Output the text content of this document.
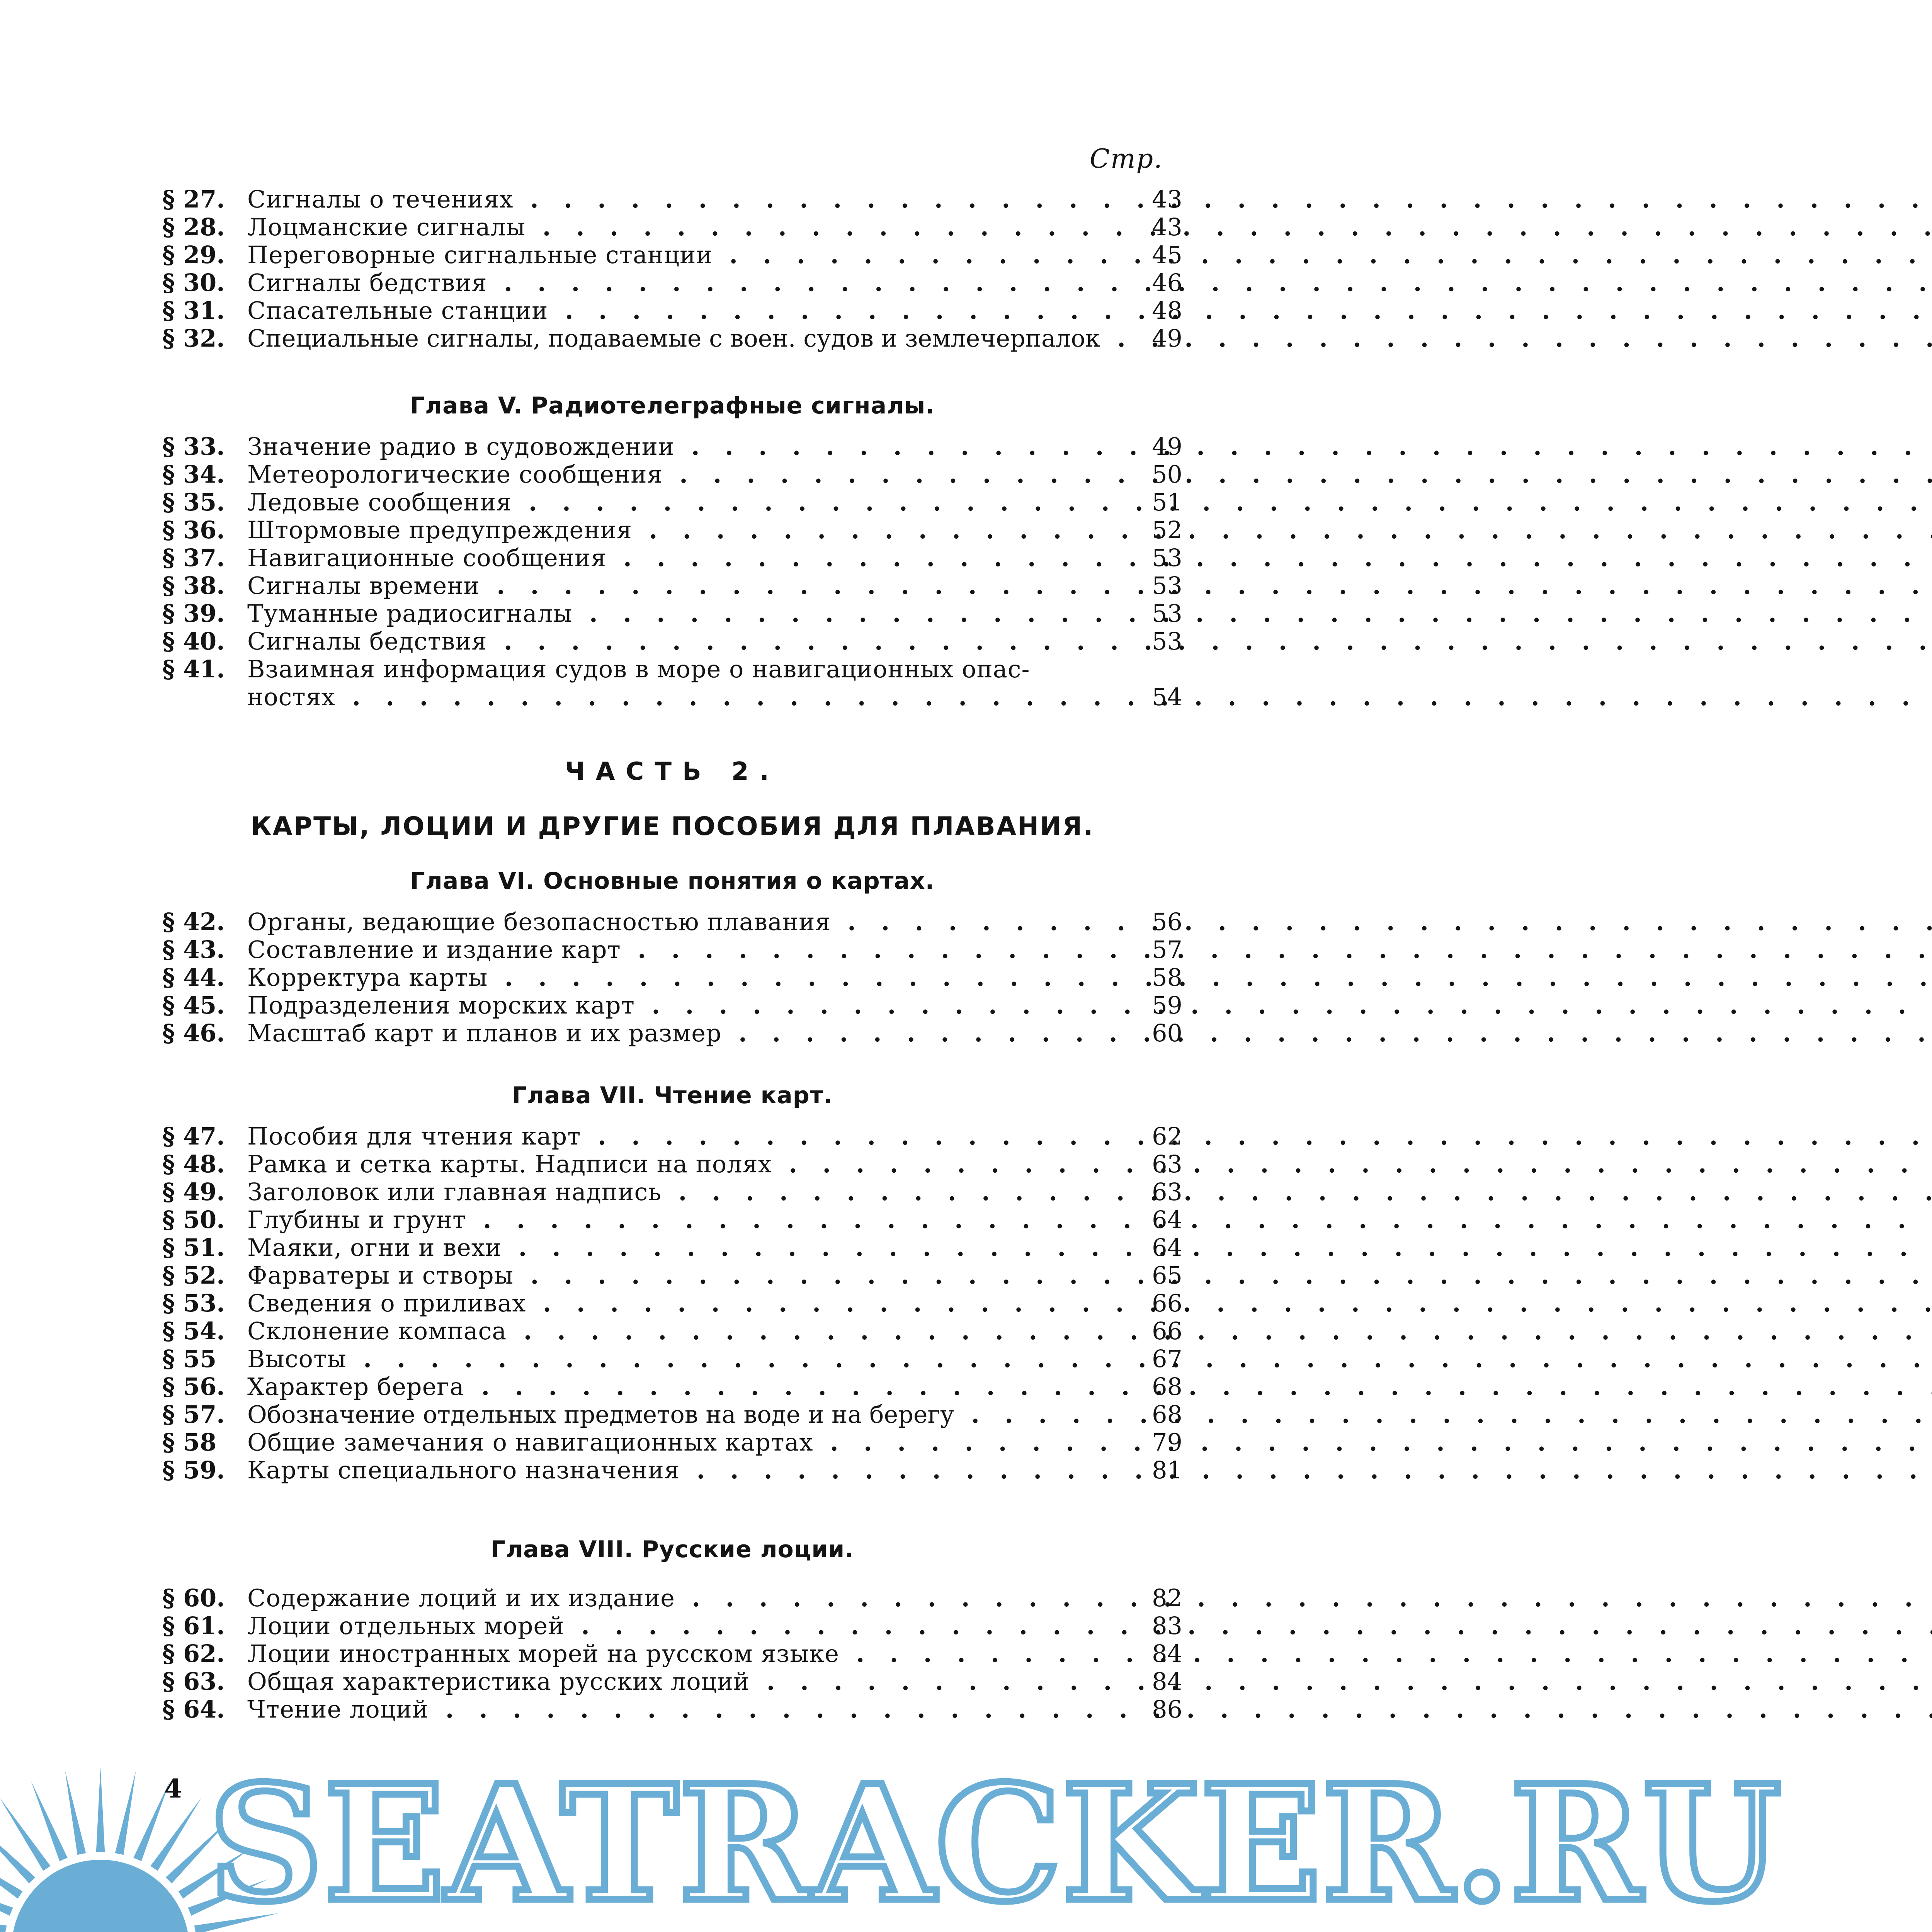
Стр.
§ 27. Сигналы о течениях . . .	43
§ 28. Лоцманские сигналы . . .	43
§ 29. Переговорные сигнальные станции . . .	45
§ 30. Сигналы бедствия . . .	46
§ 31. Спасательные станции . . .	48
§ 32. Специальные сигналы, подаваемые с воен. судов и землечерпалок . . .	49
Глава V. Радиотелеграфные сигналы.
§ 33. Значение радио в судовождении . . .	49
§ 34. Метеорологические сообщения . . .	50
§ 35. Ледовые сообщения . . .	51
§ 36. Штормовые предупреждения . . .	52
§ 37. Навигационные сообщения . . .	53
§ 38. Сигналы времени . . .	53
§ 39. Туманные радиосигналы . . .	53
§ 40. Сигналы бедствия . . .	53
§ 41. Взаимная информация судов в море о навигационных опас-
ностях . . .	54
ЧАСТЬ 2.
КАРТЫ, ЛОЦИИ И ДРУГИЕ ПОСОБИЯ ДЛЯ ПЛАВАНИЯ.
Глава VI. Основные понятия о картах.
§ 42. Органы, ведающие безопасностью плавания . . .	56
§ 43. Составление и издание карт . . .	57
§ 44. Корректура карты . . .	58
§ 45. Подразделения морских карт . . .	59
§ 46. Масштаб карт и планов и их размер . . .	60
Глава VII. Чтение карт.
§ 47. Пособия для чтения карт . . .	62
§ 48. Рамка и сетка карты. Надписи на полях . . .	63
§ 49. Заголовок или главная надпись . . .	63
§ 50. Глубины и грунт . . .	64
§ 51. Маяки, огни и вехи . . .	64
§ 52. Фарватеры и створы . . .	65
§ 53. Сведения о приливах . . .	66
§ 54. Склонение компаса . . .	66
§ 55	Высоты . . .	67
§ 56. Характер берега . . .	68
§ 57. Обозначение отдельных предметов на воде и на берегу . . .	68
§ 58	Общие замечания о навигационных картах . . .	79
§ 59. Карты специального назначения . . .	81
Глава VIII. Русские лоции.
§ 60. Содержание лоций и их издание . . .	82
§ 61. Лоции отдельных морей . . .	83
§ 62. Лоции иностранных морей на русском языке . . .	84
§ 63. Общая характеристика русских лоций . . .	84
§ 64. Чтение лоций . . .	86
4 SEATRACKER.RU
